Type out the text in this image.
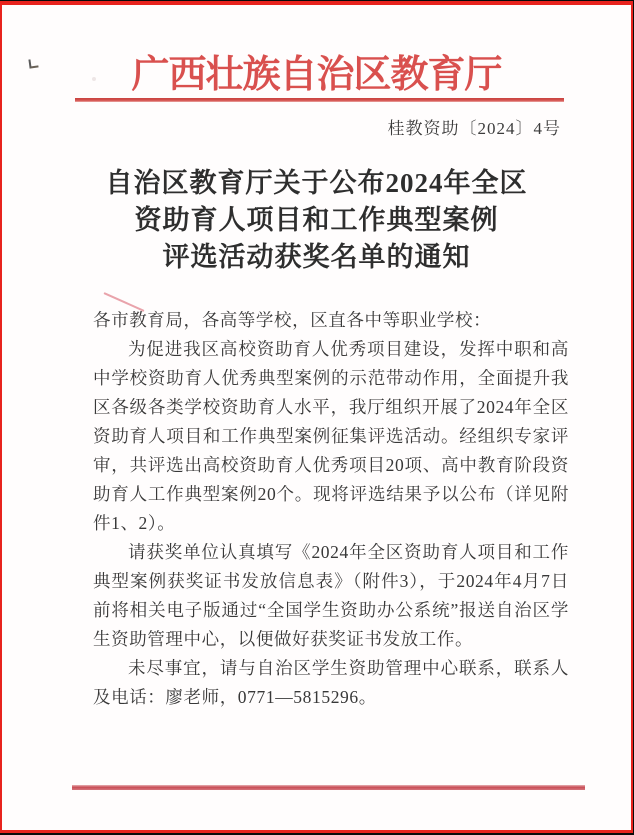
广西壮族自治区教育厅
桂教资助〔2024〕4号
自治区教育厅关于公布2024年全区
资助育人项目和工作典型案例
评选活动获奖名单的通知

各市教育局，各高等学校，区直各中等职业学校：

为促进我区高校资助育人优秀项目建设，发挥中职和高中学校资助育人优秀典型案例的示范带动作用，全面提升我区各级各类学校资助育人水平，我厅组织开展了2024年全区资助育人项目和工作典型案例征集评选活动。经组织专家评审，共评选出高校资助育人优秀项目20项、高中教育阶段资助育人工作典型案例20个。现将评选结果予以公布（详见附件1、2）。

请获奖单位认真填写《2024年全区资助育人项目和工作典型案例获奖证书发放信息表》（附件3），于2024年4月7日前将相关电子版通过“全国学生资助办公系统”报送自治区学生资助管理中心，以便做好获奖证书发放工作。

未尽事宜，请与自治区学生资助管理中心联系，联系人及电话：廖老师，0771—5815296。
